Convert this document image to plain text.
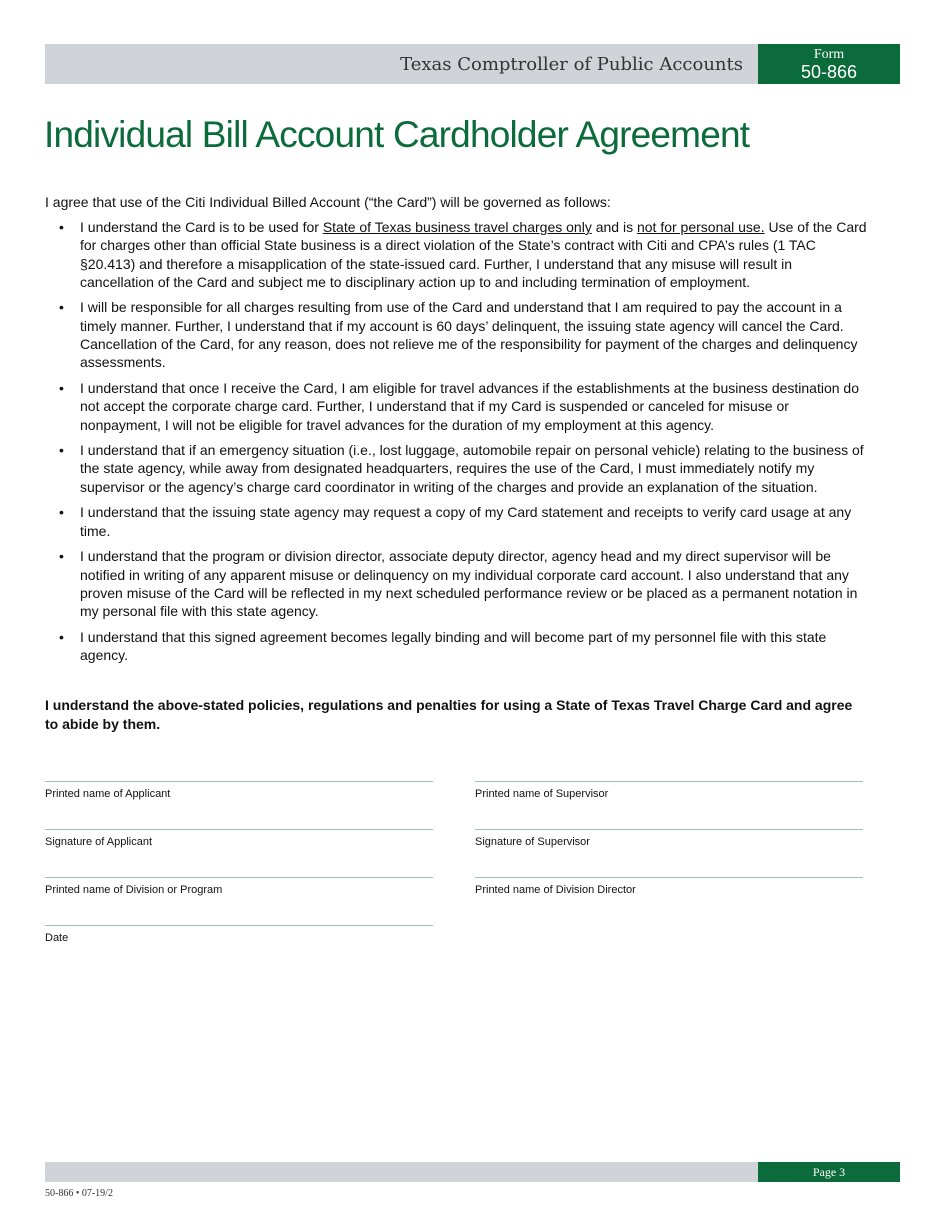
Texas Comptroller of Public Accounts	Form
50-866
Individual Bill Account Cardholder Agreement

I agree that use of the Citi Individual Billed Account (“the Card”) will be governed as follows:

• I understand the Card is to be used for State of Texas business travel charges only and is not for personal use. Use of the Card for charges other than official State business is a direct violation of the State’s contract with Citi and CPA’s rules (1 TAC §20.413) and therefore a misapplication of the state-issued card. Further, I understand that any misuse will result in cancellation of the Card and subject me to disciplinary action up to and including termination of employment.
• I will be responsible for all charges resulting from use of the Card and understand that I am required to pay the account in a timely manner. Further, I understand that if my account is 60 days’ delinquent, the issuing state agency will cancel the Card. Cancellation of the Card, for any reason, does not relieve me of the responsibility for payment of the charges and delinquency assessments.
• I understand that once I receive the Card, I am eligible for travel advances if the establishments at the business destination do not accept the corporate charge card. Further, I understand that if my Card is suspended or canceled for misuse or nonpayment, I will not be eligible for travel advances for the duration of my employment at this agency.
• I understand that if an emergency situation (i.e., lost luggage, automobile repair on personal vehicle) relating to the business of the state agency, while away from designated headquarters, requires the use of the Card, I must immediately notify my supervisor or the agency’s charge card coordinator in writing of the charges and provide an explanation of the situation.
• I understand that the issuing state agency may request a copy of my Card statement and receipts to verify card usage at any time.
• I understand that the program or division director, associate deputy director, agency head and my direct supervisor will be notified in writing of any apparent misuse or delinquency on my individual corporate card account. I also understand that any proven misuse of the Card will be reflected in my next scheduled performance review or be placed as a permanent notation in my personal file with this state agency.
• I understand that this signed agreement becomes legally binding and will become part of my personnel file with this state agency.

I understand the above-stated policies, regulations and penalties for using a State of Texas Travel Charge Card and agree to abide by them.

Printed name of Applicant	Printed name of Supervisor
Signature of Applicant	Signature of Supervisor
Printed name of Division or Program	Printed name of Division Director
Date
Page 3
50-866 • 07-19/2
